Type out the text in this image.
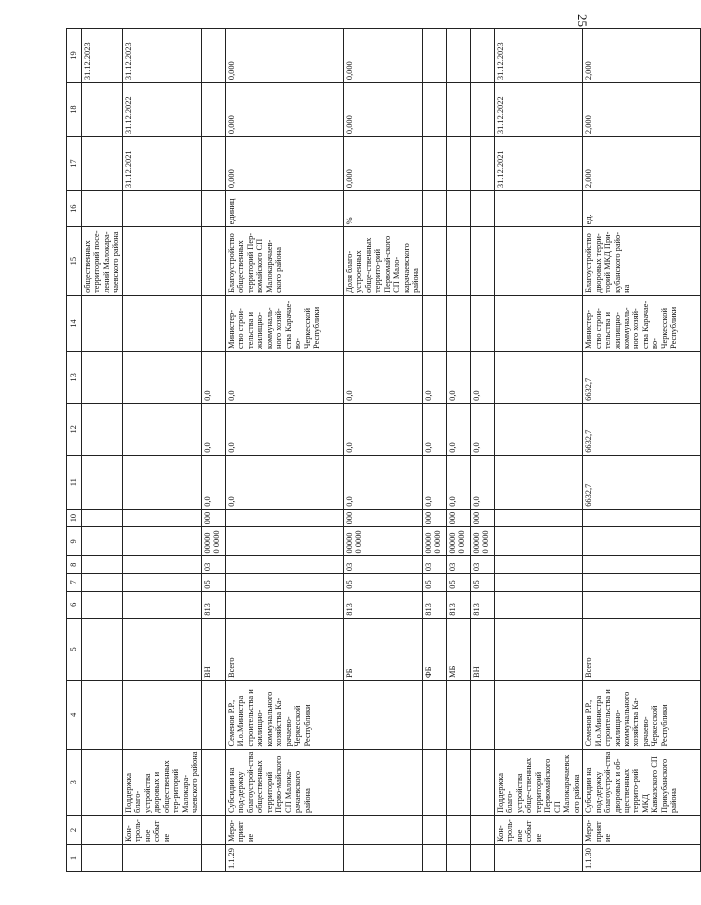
25
1	2	3	4	5	6	7	8	9	10	11	12	13	14	15	16	17	18	19
														общественных территорий посе-лений Малокара-чаевского района				31.12.2023
	Кон-троль-ное событие	Поддержка благо-устройства дворовых и общественных тер-риторий Малокара-чаевского района														31.12.2021	31.12.2022	31.12.2023
				ВН	813	05	03	000000 0000	000	0,0	0,0	0,0						
1.1.29	Меро-приятие	Субсидии на под-держку благоустрой-ства общественных территорий Перво-майского СП Малока-рачаевского района	Семенов Р.Р., И.о.Министра строительства и жилищно-коммунального хозяйства Ка-рачаево-Черкесской Республики	Всего						0,0	0,0	0,0	Министер-ство строи-тельства и жилищно-коммуналь-ного хозяй-ства Карачае-во-Черкесской Республики	Благоустройство общественных территорий Пер-вомайского СП Малокарачаев-ского района	единиц	0,000	0,000	0,000
				РБ	813	05	03	000000 0000	000	0,0	0,0	0,0		Доля благо-устроенных обще-ственных террито-рий Первомай-ского СП Мало-карачаевского района	%	0,000	0,000	0,000
				ФБ	813	05	03	000000 0000	000	0,0	0,0	0,0						
				МБ	813	05	03	000000 0000	000	0,0	0,0	0,0						
				ВН	813	05	03	000000 0000	000	0,0	0,0	0,0						
	Кон-троль-ное событие	Поддержка благо-устройства обще-ственных территорий Первомайского СП Малокарачаевского района														31.12.2021	31.12.2022	31.12.2023
1.1.30	Меро-приятие	Субсидии на под-держку благоустрой-ства дворовых и об-щественных террито-рий МКД Кавказского СП Прикубанского района	Семенов Р.Р., И.о.Министра строительства и жилищно-коммунального хозяйства Ка-рачаево-Черкесской Республики	Всего						6632,7	6632,7	6632,7	Министер-ство строи-тельства и жилищно-коммуналь-ного хозяй-ства Карачае-во-Черкесской Республики	Благоустройство дворовых терри-торий МКД При-кубанского райо-на	ед.	2,000	2,000	2,000
